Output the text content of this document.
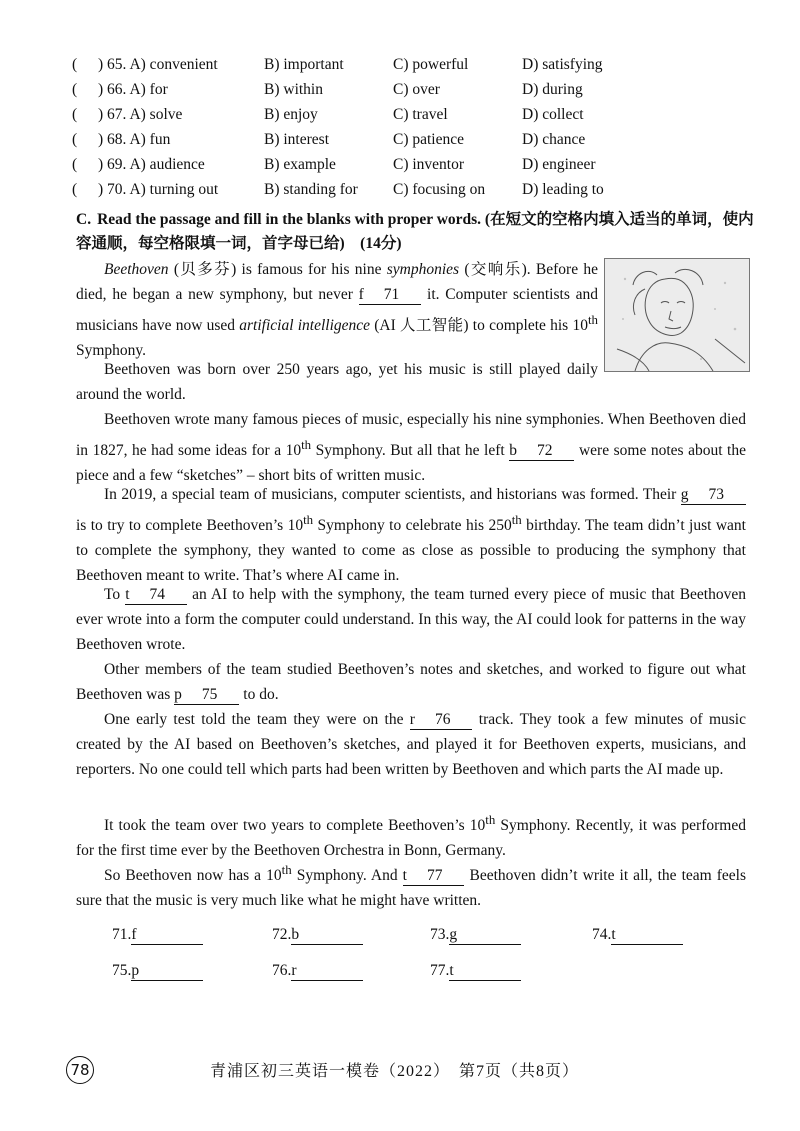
( ) 65. A) convenient	B) important	C) powerful	D) satisfying
( ) 66. A) for	B) within	C) over	D) during
( ) 67. A) solve	B) enjoy	C) travel	D) collect
( ) 68. A) fun	B) interest	C) patience	D) chance
( ) 69. A) audience	B) example	C) inventor	D) engineer
( ) 70. A) turning out	B) standing for C) focusing on D) leading to
C. Read the passage and fill in the blanks with proper words. (在短文的空格内填入适当的单词，使内容通顺，每空格限填一词，首字母已给)　(14分)
Beethoven (贝多芬) is famous for his nine symphonies (交响乐). Before he died, he began a new symphony, but never f 71 it. Computer scientists and musicians have now used artificial intelligence (AI 人工智能) to complete his 10th Symphony.
Beethoven was born over 250 years ago, yet his music is still played daily around the world.
Beethoven wrote many famous pieces of music, especially his nine symphonies. When Beethoven died in 1827, he had some ideas for a 10th Symphony. But all that he left b 72 were some notes about the piece and a few “sketches” – short bits of written music.
In 2019, a special team of musicians, computer scientists, and historians was formed. Their g 73 is to try to complete Beethoven’s 10th Symphony to celebrate his 250th birthday. The team didn’t just want to complete the symphony, they wanted to come as close as possible to producing the symphony that Beethoven meant to write. That’s where AI came in.
To t 74 an AI to help with the symphony, the team turned every piece of music that Beethoven ever wrote into a form the computer could understand. In this way, the AI could look for patterns in the way Beethoven wrote.
Other members of the team studied Beethoven’s notes and sketches, and worked to figure out what Beethoven was p 75 to do.
One early test told the team they were on the r 76 track. They took a few minutes of music created by the AI based on Beethoven’s sketches, and played it for Beethoven experts, musicians, and reporters. No one could tell which parts had been written by Beethoven and which parts the AI made up.
It took the team over two years to complete Beethoven’s 10th Symphony. Recently, it was performed for the first time ever by the Beethoven Orchestra in Bonn, Germany.
So Beethoven now has a 10th Symphony. And t 77 Beethoven didn’t write it all, the team feels sure that the music is very much like what he might have written.
71.f	72.b	73.g	74.t
75.p	76.r	77.t
78	青浦区初三英语一模卷（2022）　第7页（共8页）
